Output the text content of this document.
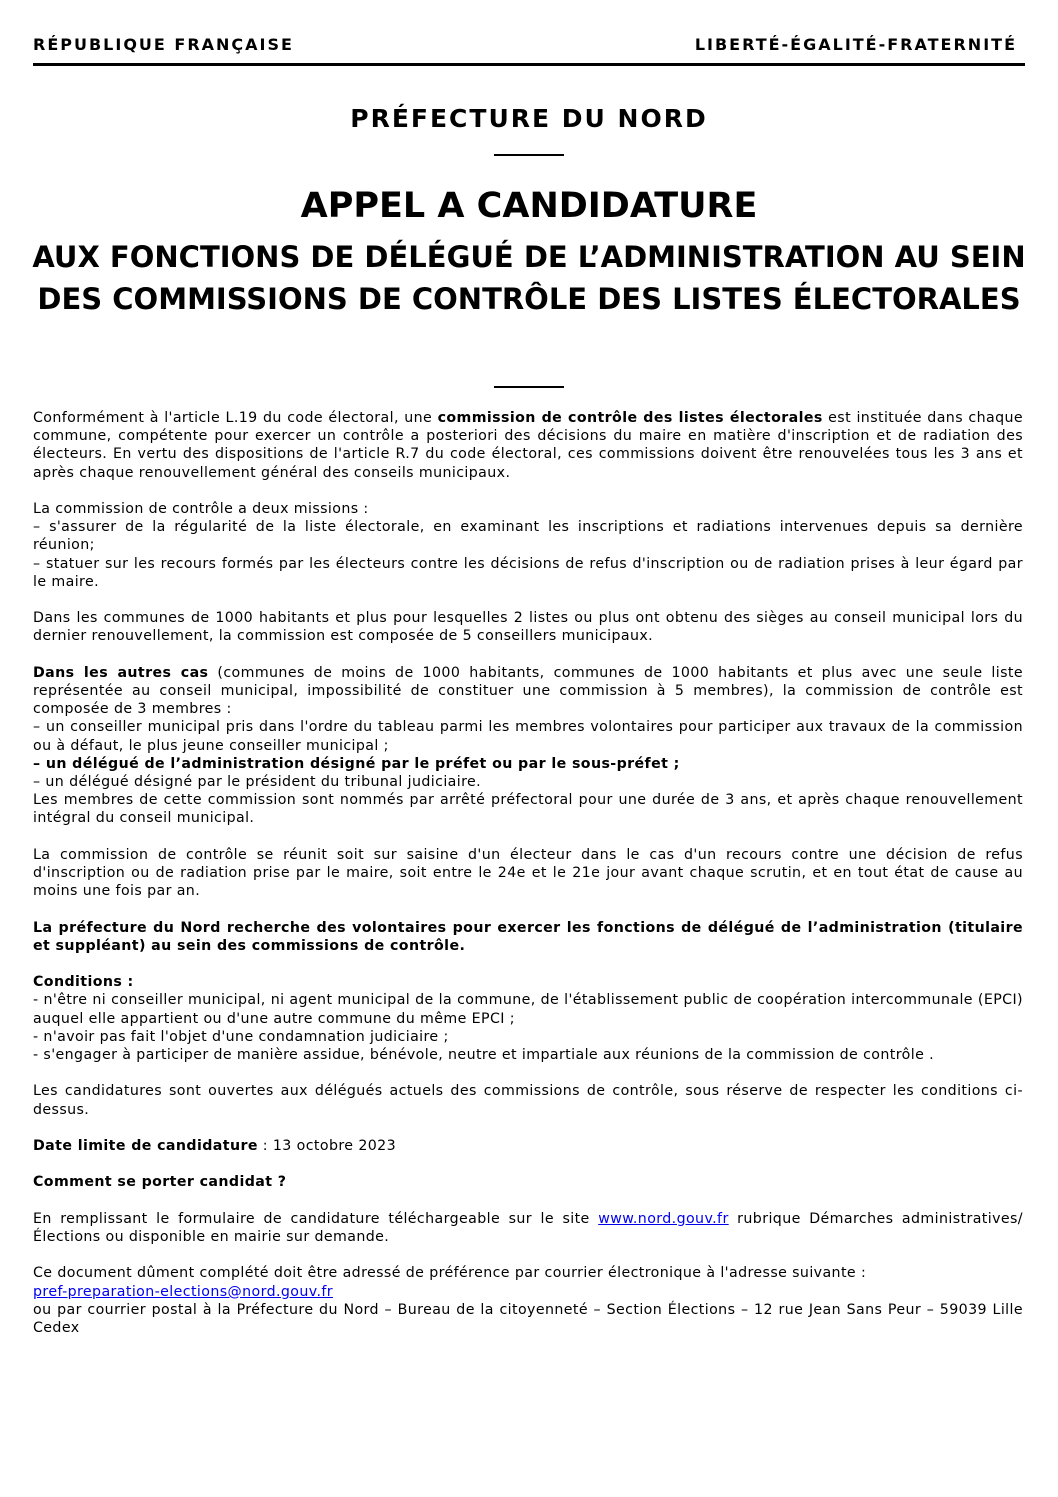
RÉPUBLIQUE FRANÇAISE	LIBERTÉ-ÉGALITÉ-FRATERNITÉ
PRÉFECTURE DU NORD
APPEL A CANDIDATURE
AUX FONCTIONS DE DÉLÉGUÉ DE L’ADMINISTRATION AU SEIN DES COMMISSIONS DE CONTRÔLE DES LISTES ÉLECTORALES

Conformément à l'article L.19 du code électoral, une commission de contrôle des listes électorales est instituée dans chaque commune, compétente pour exercer un contrôle a posteriori des décisions du maire en matière d'inscription et de radiation des électeurs. En vertu des dispositions de l'article R.7 du code électoral, ces commissions doivent être renouvelées tous les 3 ans et après chaque renouvellement général des conseils municipaux.

La commission de contrôle a deux missions :

– s'assurer de la régularité de la liste électorale, en examinant les inscriptions et radiations intervenues depuis sa dernière réunion;

– statuer sur les recours formés par les électeurs contre les décisions de refus d'inscription ou de radiation prises à leur égard par le maire.

Dans les communes de 1000 habitants et plus pour lesquelles 2 listes ou plus ont obtenu des sièges au conseil municipal lors du dernier renouvellement, la commission est composée de 5 conseillers municipaux.

Dans les autres cas (communes de moins de 1000 habitants, communes de 1000 habitants et plus avec une seule liste représentée au conseil municipal, impossibilité de constituer une commission à 5 membres), la commission de contrôle est composée de 3 membres :

– un conseiller municipal pris dans l'ordre du tableau parmi les membres volontaires pour participer aux travaux de la commission ou à défaut, le plus jeune conseiller municipal ;

– un délégué de l’administration désigné par le préfet ou par le sous-préfet ;

– un délégué désigné par le président du tribunal judiciaire.

Les membres de cette commission sont nommés par arrêté préfectoral pour une durée de 3 ans, et après chaque renouvellement intégral du conseil municipal.

La commission de contrôle se réunit soit sur saisine d'un électeur dans le cas d'un recours contre une décision de refus d'inscription ou de radiation prise par le maire, soit entre le 24e et le 21e jour avant chaque scrutin, et en tout état de cause au moins une fois par an.

La préfecture du Nord recherche des volontaires pour exercer les fonctions de délégué de l’administration (titulaire et suppléant) au sein des commissions de contrôle.

Conditions :

- n'être ni conseiller municipal, ni agent municipal de la commune, de l'établissement public de coopération intercommunale (EPCI) auquel elle appartient ou d'une autre commune du même EPCI ;

- n'avoir pas fait l'objet d'une condamnation judiciaire ;

- s'engager à participer de manière assidue, bénévole, neutre et impartiale aux réunions de la commission de contrôle .

Les candidatures sont ouvertes aux délégués actuels des commissions de contrôle, sous réserve de respecter les conditions ci-dessus.

Date limite de candidature : 13 octobre 2023

Comment se porter candidat ?

En remplissant le formulaire de candidature téléchargeable sur le site www.nord.gouv.fr rubrique Démarches administratives/Élections ou disponible en mairie sur demande.

Ce document dûment complété doit être adressé de préférence par courrier électronique à l'adresse suivante :

pref-preparation-elections@nord.gouv.fr

ou par courrier postal à la Préfecture du Nord – Bureau de la citoyenneté – Section Élections – 12 rue Jean Sans Peur – 59039 Lille Cedex
